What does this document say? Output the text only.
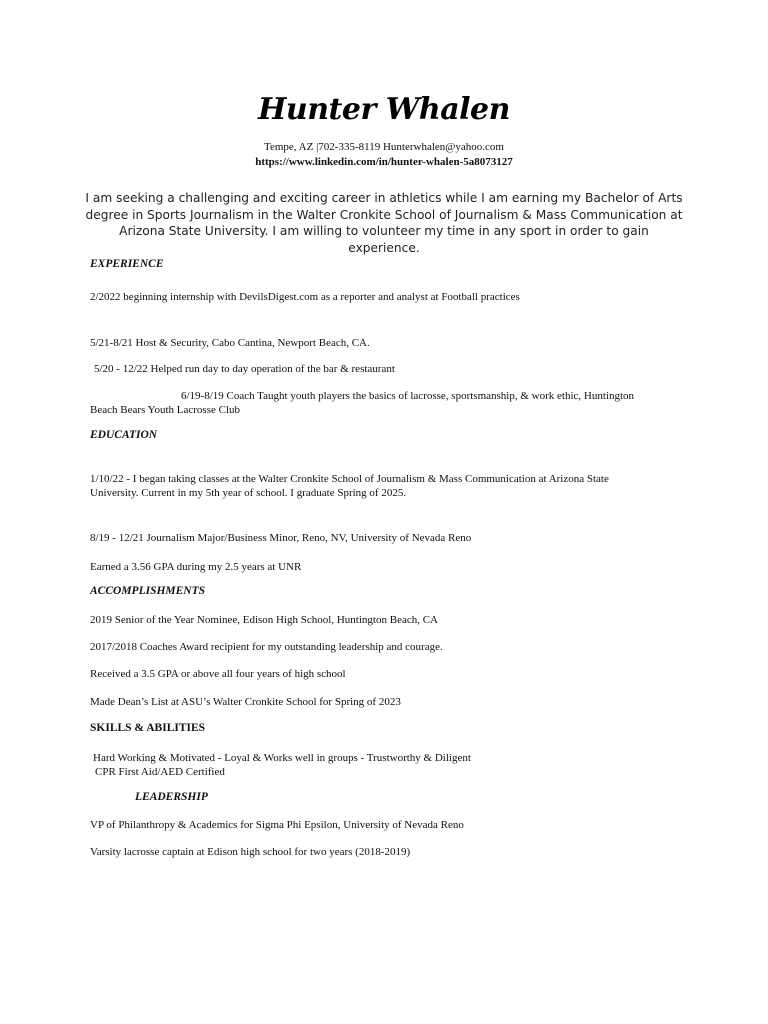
Hunter Whalen
Tempe, AZ |702-335-8119 Hunterwhalen@yahoo.com
https://www.linkedin.com/in/hunter-whalen-5a8073127
I am seeking a challenging and exciting career in athletics while I am earning my Bachelor of Arts degree in Sports Journalism in the Walter Cronkite School of Journalism & Mass Communication at Arizona State University. I am willing to volunteer my time in any sport in order to gain experience.
EXPERIENCE
2/2022 beginning internship with DevilsDigest.com as a reporter and analyst at Football practices
5/21-8/21 Host & Security, Cabo Cantina, Newport Beach, CA.
5/20 - 12/22 Helped run day to day operation of the bar & restaurant
6/19-8/19 Coach Taught youth players the basics of lacrosse, sportsmanship, & work ethic, Huntington
Beach Bears Youth Lacrosse Club
EDUCATION
1/10/22 - I began taking classes at the Walter Cronkite School of Journalism & Mass Communication at Arizona State
University. Current in my 5th year of school. I graduate Spring of 2025.
8/19 - 12/21 Journalism Major/Business Minor, Reno, NV, University of Nevada Reno
Earned a 3.56 GPA during my 2.5 years at UNR
ACCOMPLISHMENTS
2019 Senior of the Year Nominee, Edison High School, Huntington Beach, CA
2017/2018 Coaches Award recipient for my outstanding leadership and courage.
Received a 3.5 GPA or above all four years of high school
Made Dean’s List at ASU’s Walter Cronkite School for Spring of 2023
SKILLS & ABILITIES
Hard Working & Motivated - Loyal & Works well in groups - Trustworthy & Diligent
CPR First Aid/AED Certified
LEADERSHIP
VP of Philanthropy & Academics for Sigma Phi Epsilon, University of Nevada Reno
Varsity lacrosse captain at Edison high school for two years (2018-2019)
